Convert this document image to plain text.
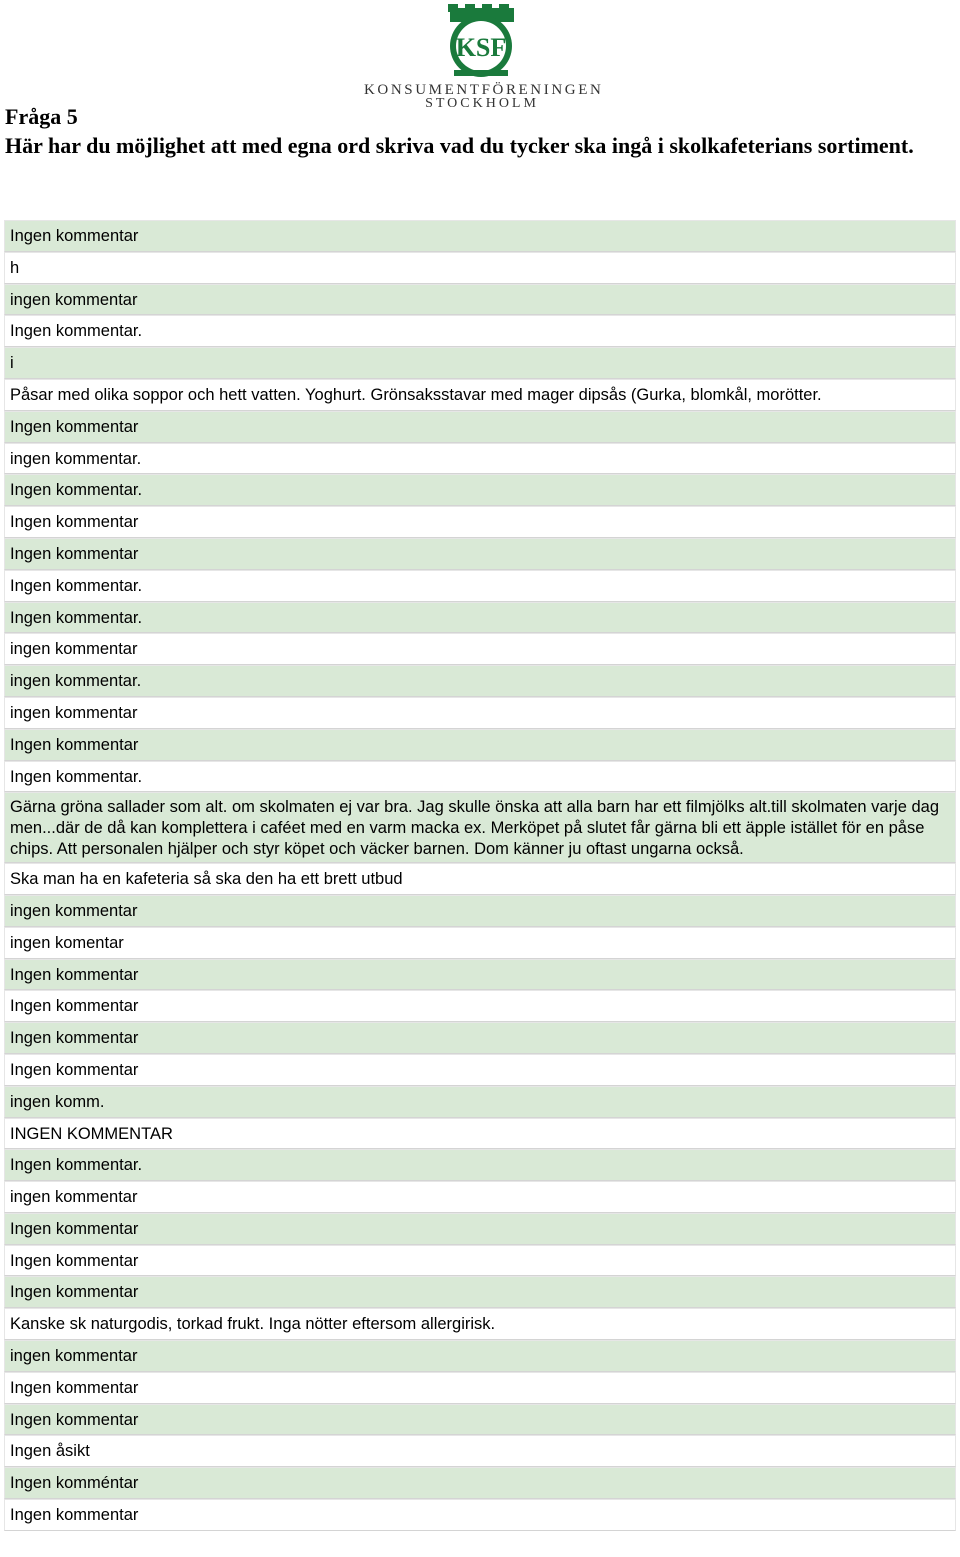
KSF
KONSUMENTFÖRENINGEN
STOCKHOLM
Fråga 5
Här har du möjlighet att med egna ord skriva vad du tycker ska ingå i skolkafeterians sortiment.
Ingen kommentar
h
ingen kommentar
Ingen kommentar.
i
Påsar med olika soppor och hett vatten. Yoghurt. Grönsaksstavar med mager dipsås (Gurka, blomkål, morötter.
Ingen kommentar
ingen kommentar.
Ingen kommentar.
Ingen kommentar
Ingen kommentar
Ingen kommentar.
Ingen kommentar.
ingen kommentar
ingen kommentar.
ingen kommentar
Ingen kommentar
Ingen kommentar.
Gärna gröna sallader som alt. om skolmaten ej var bra. Jag skulle önska att alla barn har ett filmjölks alt.till skolmaten varje dag men...där de då kan komplettera i caféet med en varm macka ex. Merköpet på slutet får gärna bli ett äpple istället för en påse chips. Att personalen hjälper och styr köpet och väcker barnen. Dom känner ju oftast ungarna också.
Ska man ha en kafeteria så ska den ha ett brett utbud
ingen kommentar
ingen komentar
Ingen kommentar
Ingen kommentar
Ingen kommentar
Ingen kommentar
ingen komm.
INGEN KOMMENTAR
Ingen kommentar.
ingen kommentar
Ingen kommentar
Ingen kommentar
Ingen kommentar
Kanske sk naturgodis, torkad frukt. Inga nötter eftersom allergirisk.
ingen kommentar
Ingen kommentar
Ingen kommentar
Ingen åsikt
Ingen komméntar
Ingen kommentar
